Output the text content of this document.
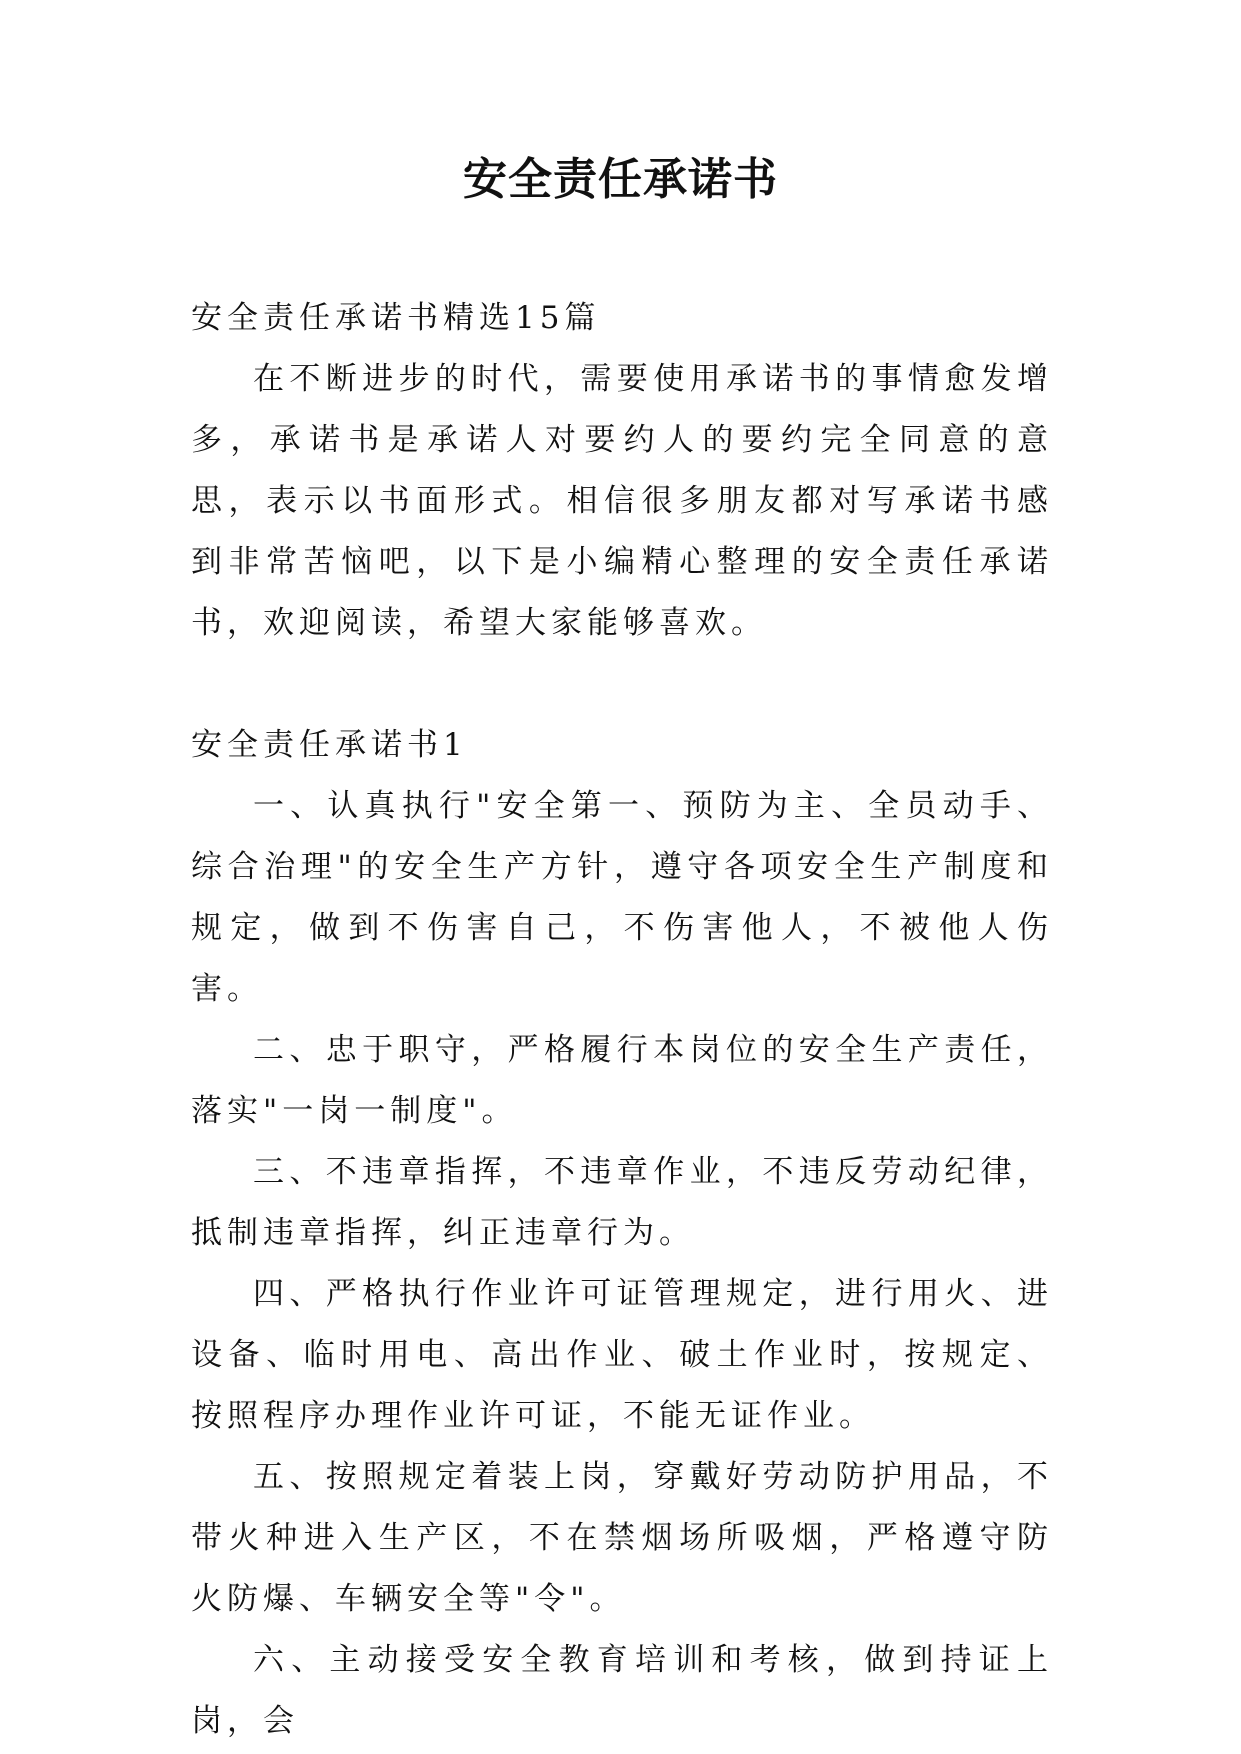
安全责任承诺书

安全责任承诺书精选15篇

在不断进步的时代，需要使用承诺书的事情愈发增多，承诺书是承诺人对要约人的要约完全同意的意思，表示以书面形式。相信很多朋友都对写承诺书感到非常苦恼吧，以下是小编精心整理的安全责任承诺书，欢迎阅读，希望大家能够喜欢。

安全责任承诺书1

一、认真执行"安全第一、预防为主、全员动手、综合治理"的安全生产方针，遵守各项安全生产制度和规定，做到不伤害自己，不伤害他人，不被他人伤害。

二、忠于职守，严格履行本岗位的安全生产责任，落实"一岗一制度"。

三、不违章指挥，不违章作业，不违反劳动纪律，抵制违章指挥，纠正违章行为。

四、严格执行作业许可证管理规定，进行用火、进设备、临时用电、高出作业、破土作业时，按规定、按照程序办理作业许可证，不能无证作业。

五、按照规定着装上岗，穿戴好劳动防护用品，不带火种进入生产区，不在禁烟场所吸烟，严格遵守防火防爆、车辆安全等"令"。

六、主动接受安全教育培训和考核，做到持证上岗，会
